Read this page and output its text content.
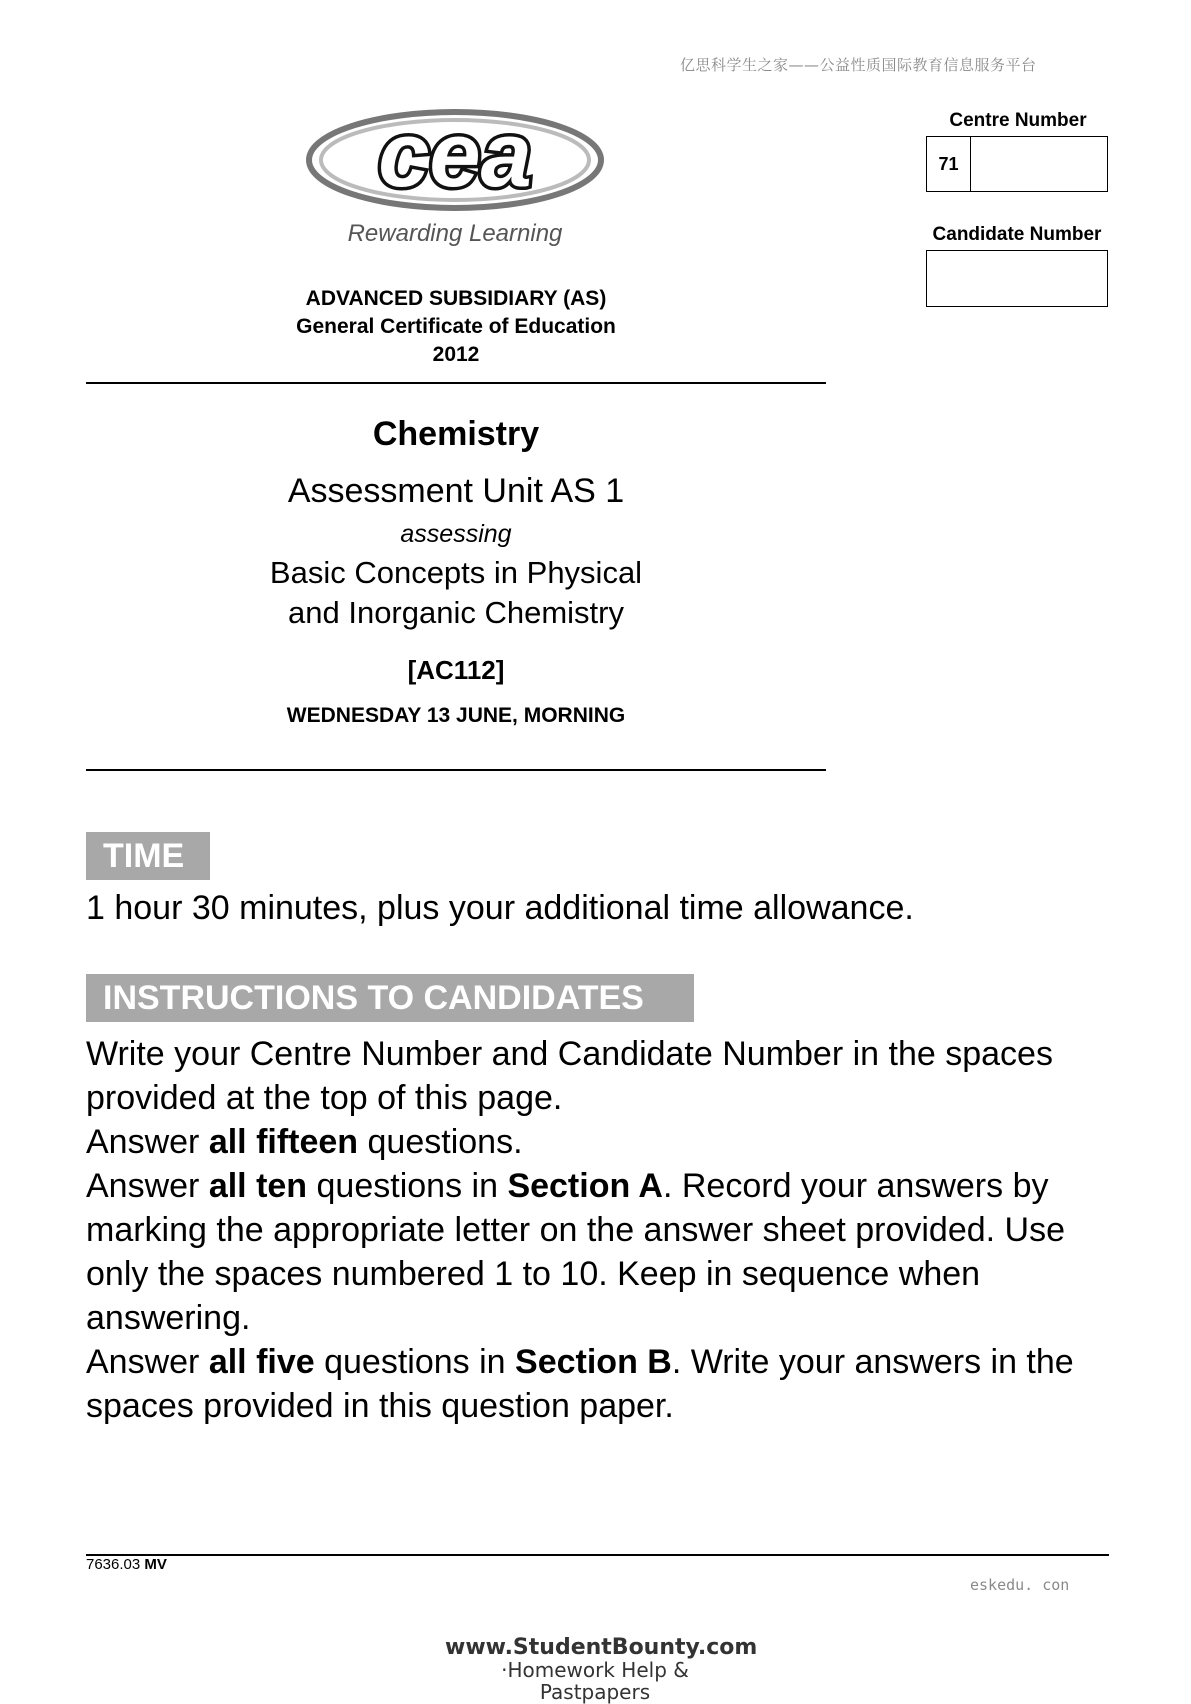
亿思科学生之家——公益性质国际教育信息服务平台
cea
Rewarding Learning
ADVANCED SUBSIDIARY (AS)
General Certificate of Education
2012
Chemistry
Assessment Unit AS 1
assessing
Basic Concepts in Physical
and Inorganic Chemistry
[AC112]
WEDNESDAY 13 JUNE, MORNING
Centre Number
71
Candidate Number
TIME
1 hour 30 minutes, plus your additional time allowance.
INSTRUCTIONS TO CANDIDATES

Write your Centre Number and Candidate Number in the spaces provided at the top of this page.

Answer all fifteen questions.

Answer all ten questions in Section A. Record your answers by marking the appropriate letter on the answer sheet provided. Use only the spaces numbered 1 to 10. Keep in sequence when answering.

Answer all five questions in Section B. Write your answers in the spaces provided in this question paper.

7636.03 MV
eskedu. con
www.StudentBounty.com
·Homework Help & Pastpapers
